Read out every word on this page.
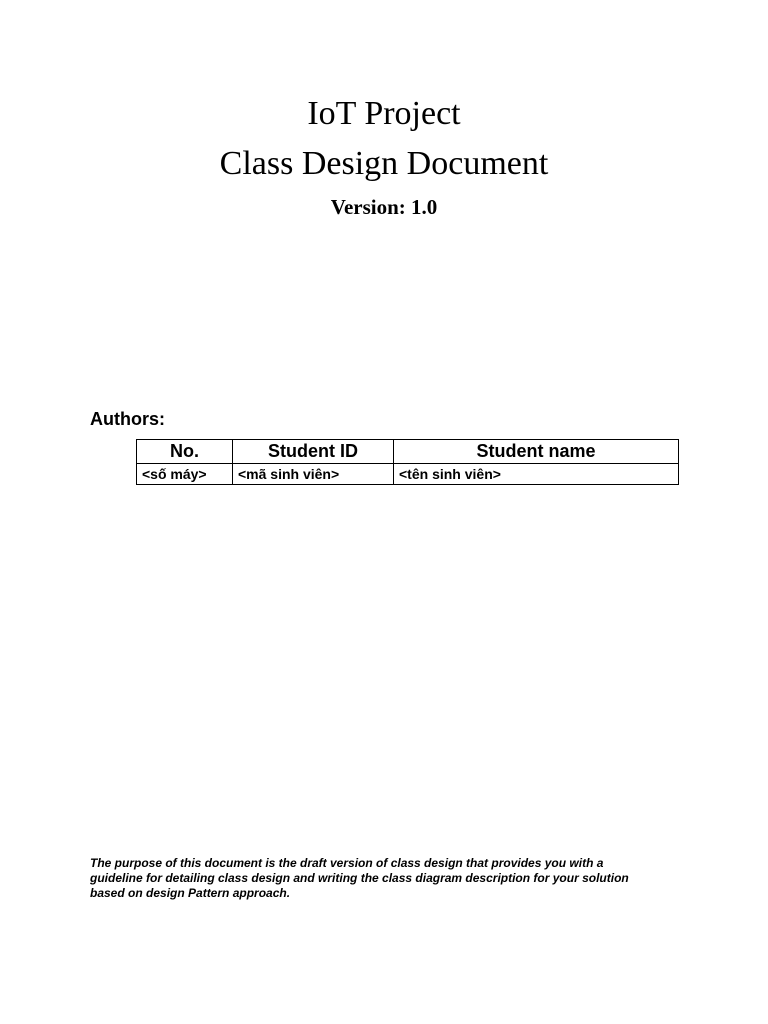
IoT Project
Class Design Document
Version: 1.0
Authors:
No.	Student ID	Student name
<số máy>	<mã sinh viên>	<tên sinh viên>
The purpose of this document is the draft version of class design that provides you with a
guideline for detailing class design and writing the class diagram description for your solution
based on design Pattern approach.
